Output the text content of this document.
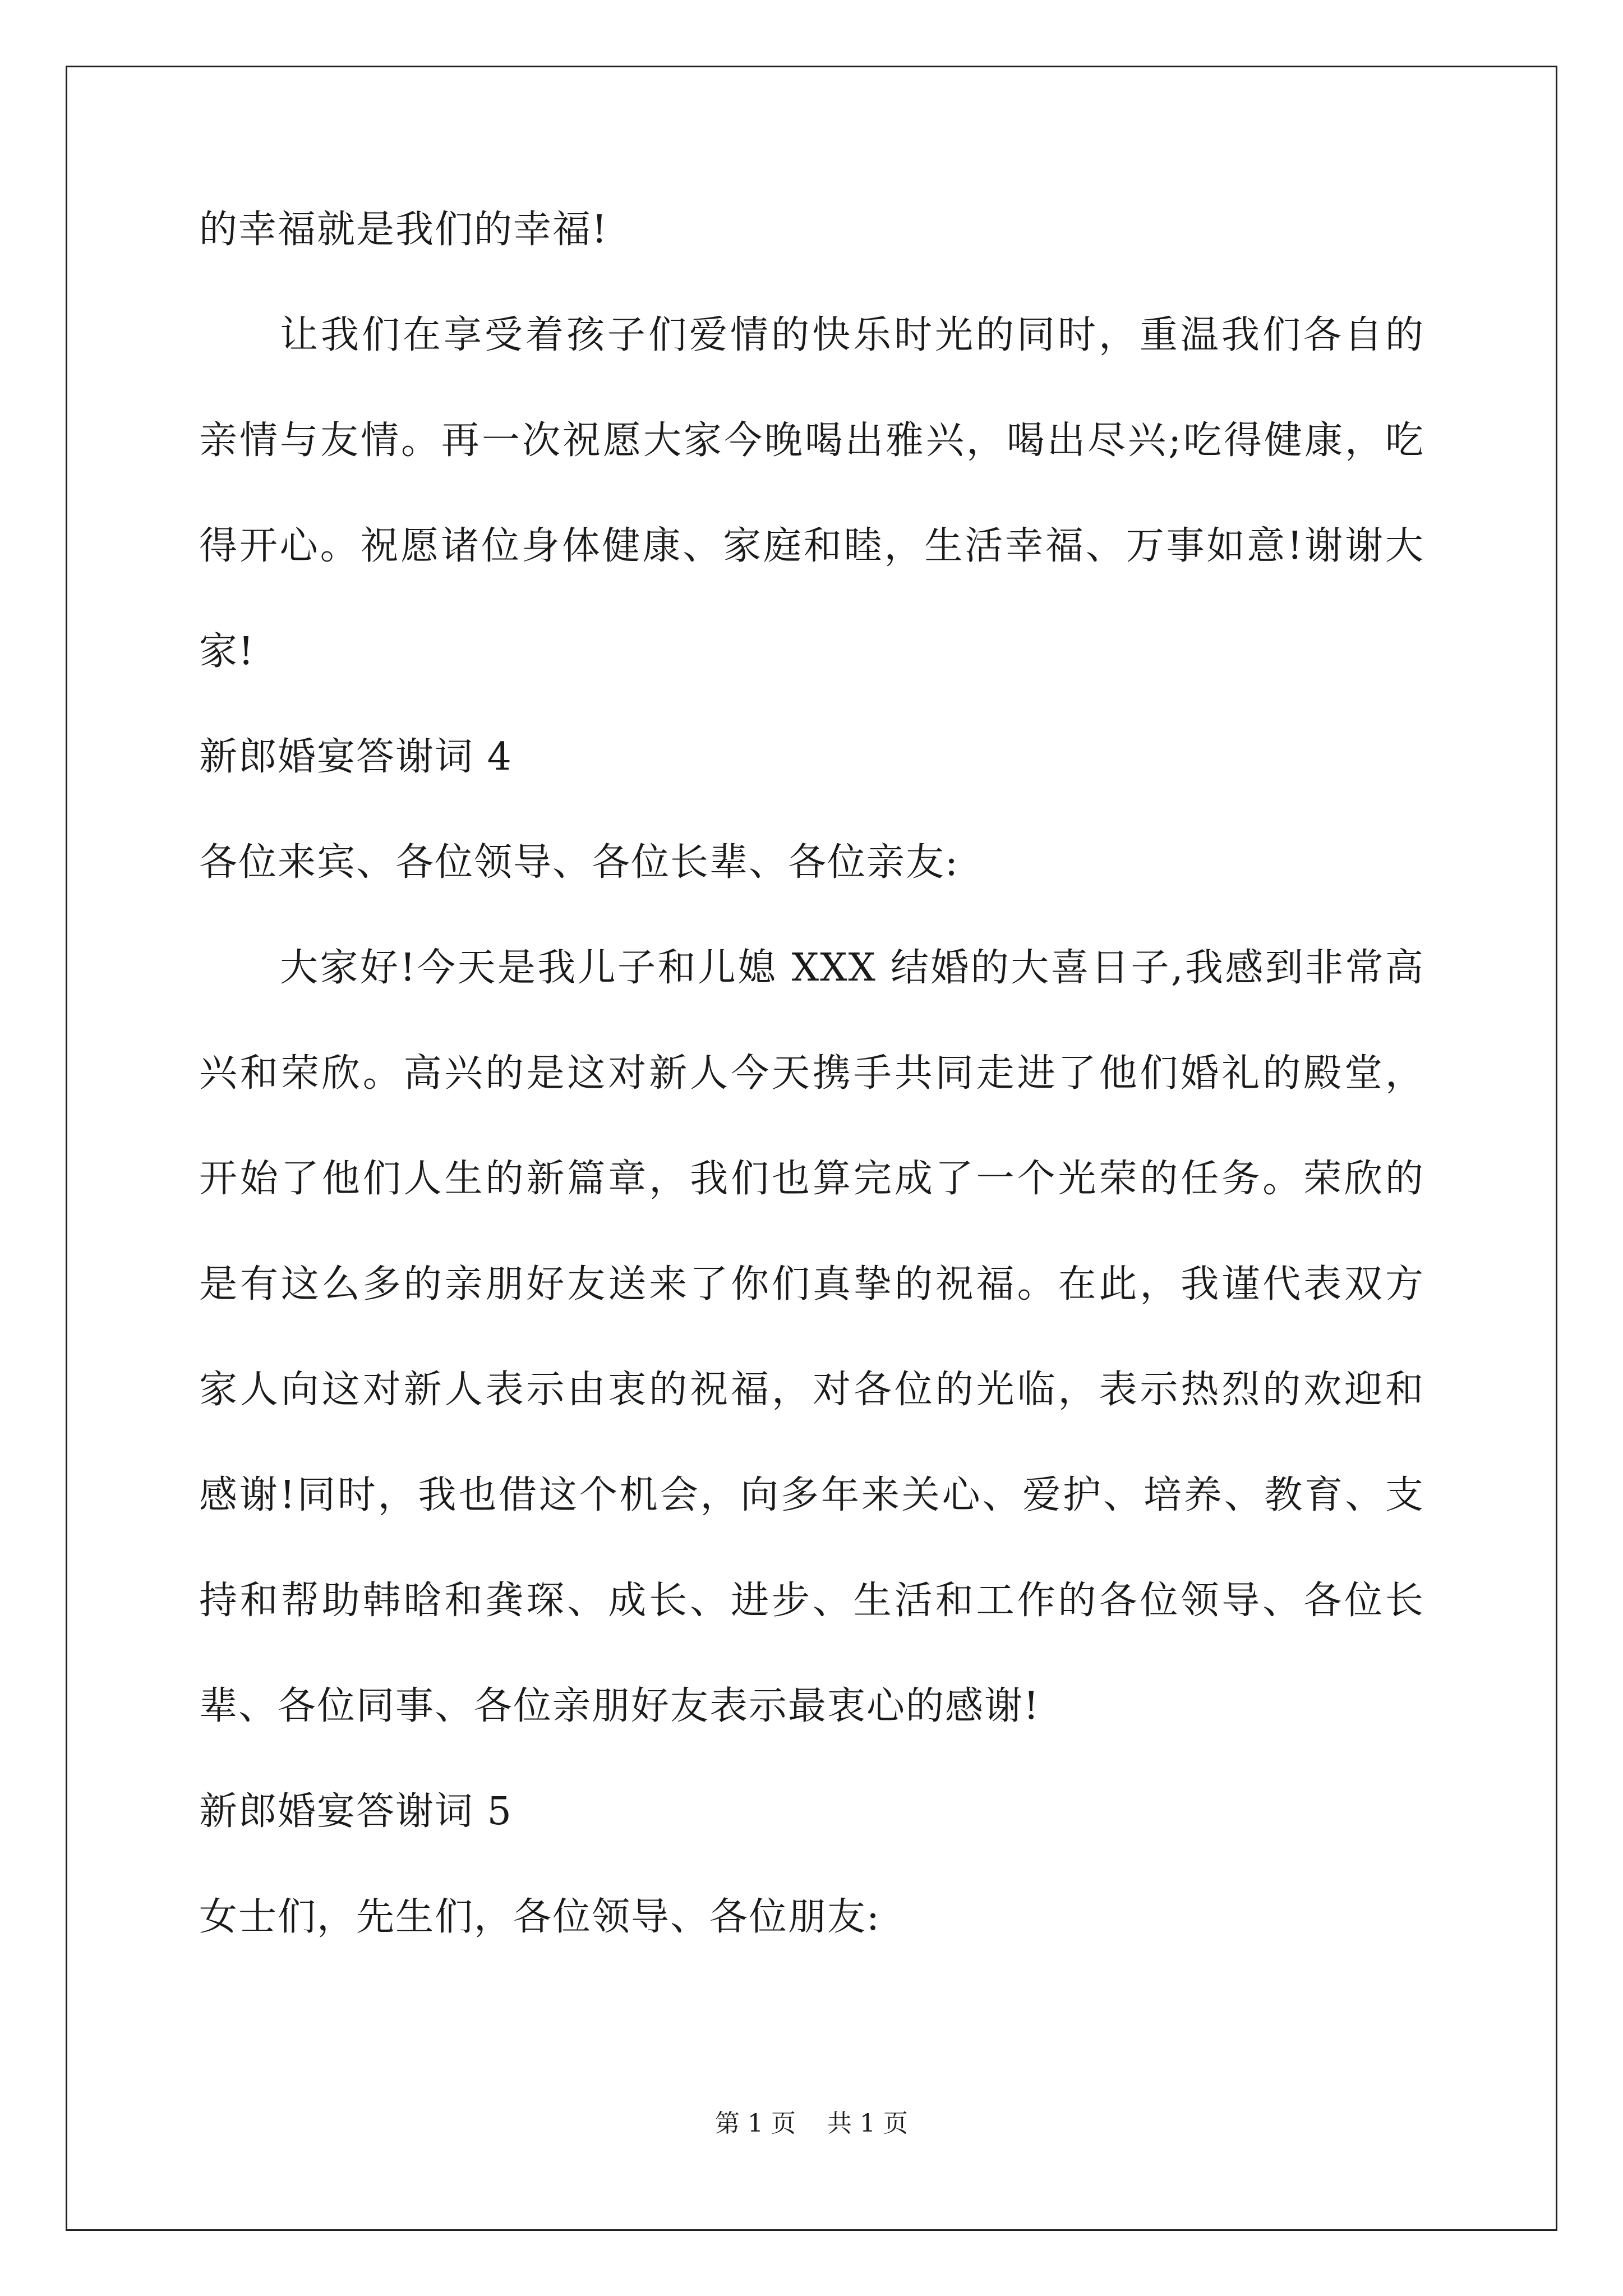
的幸福就是我们的幸福!
让我们在享受着孩子们爱情的快乐时光的同时，重温我们各自的
亲情与友情。再一次祝愿大家今晚喝出雅兴，喝出尽兴;吃得健康，吃
得开心。祝愿诸位身体健康、家庭和睦，生活幸福、万事如意!谢谢大
家!
新郎婚宴答谢词 4
各位来宾、各位领导、各位长辈、各位亲友:
大家好!今天是我儿子和儿媳 XXX 结婚的大喜日子,我感到非常高
兴和荣欣。高兴的是这对新人今天携手共同走进了他们婚礼的殿堂，
开始了他们人生的新篇章，我们也算完成了一个光荣的任务。荣欣的
是有这么多的亲朋好友送来了你们真挚的祝福。在此，我谨代表双方
家人向这对新人表示由衷的祝福，对各位的光临，表示热烈的欢迎和
感谢!同时，我也借这个机会，向多年来关心、爱护、培养、教育、支
持和帮助韩晗和龚琛、成长、进步、生活和工作的各位领导、各位长
辈、各位同事、各位亲朋好友表示最衷心的感谢!
新郎婚宴答谢词 5
女士们，先生们，各位领导、各位朋友:
第 1 页 共 1 页
